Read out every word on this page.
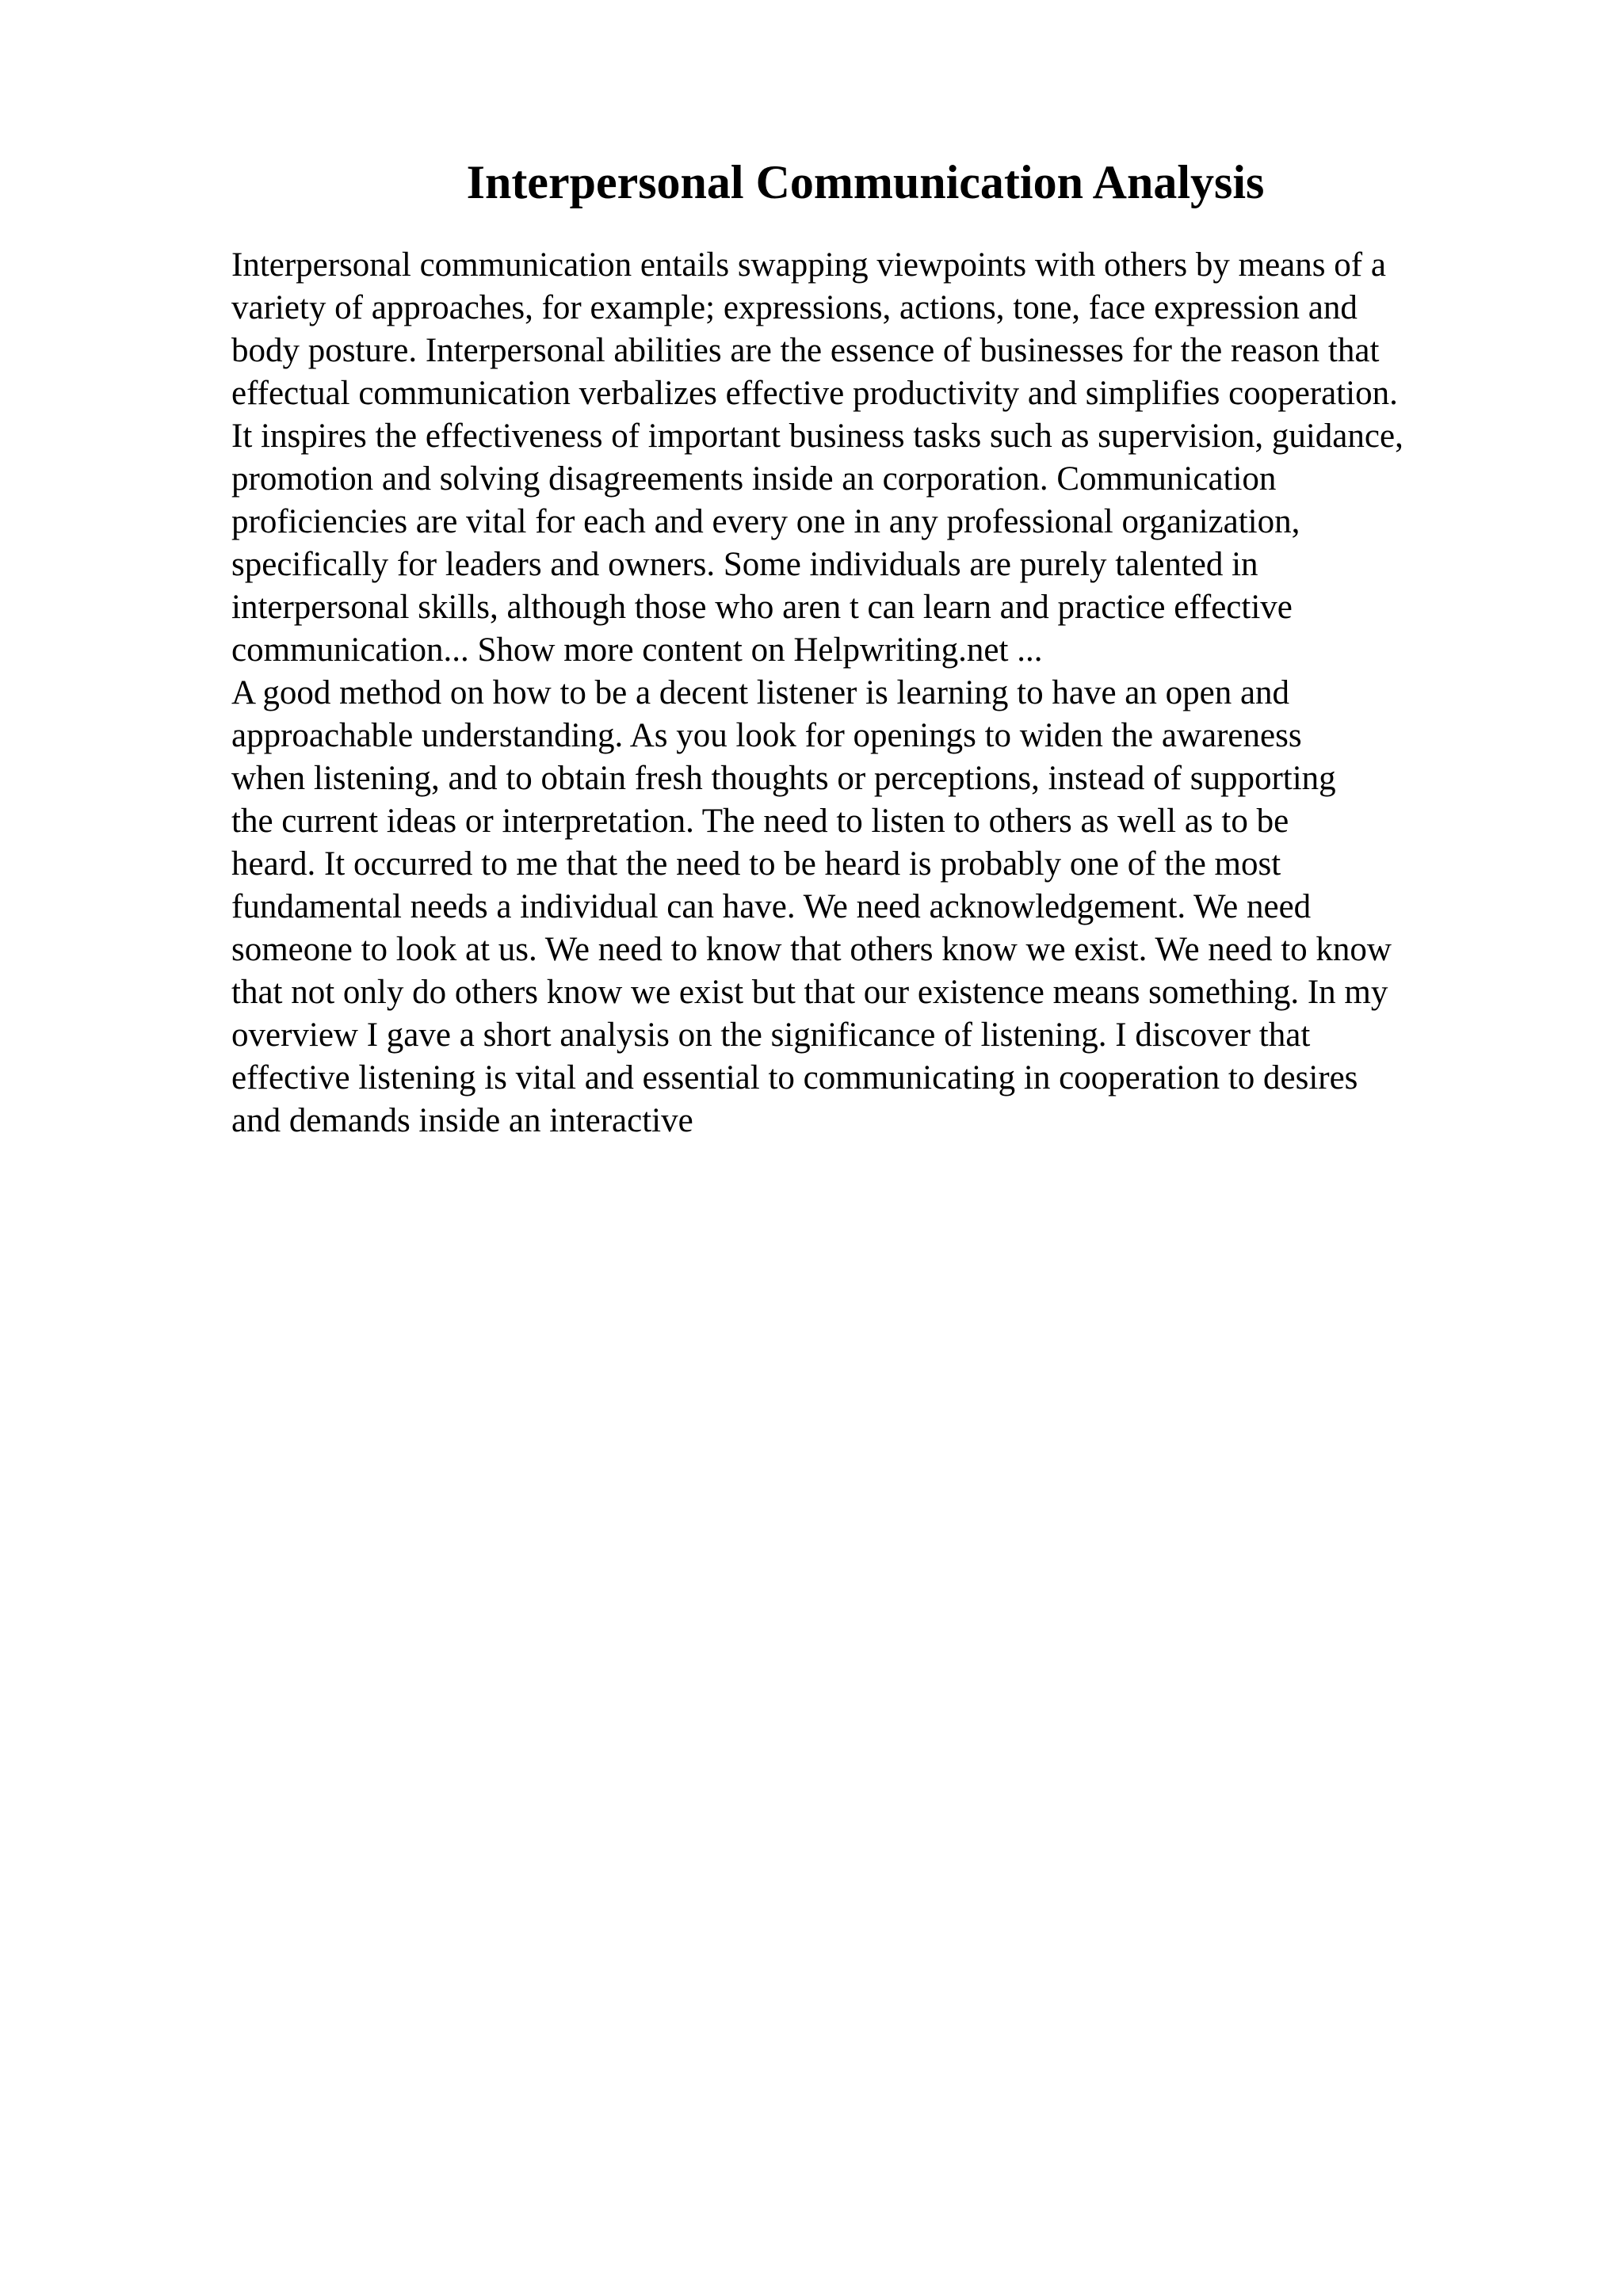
Interpersonal Communication Analysis
Interpersonal communication entails swapping viewpoints with others by means of a
variety of approaches, for example; expressions, actions, tone, face expression and
body posture. Interpersonal abilities are the essence of businesses for the reason that
effectual communication verbalizes effective productivity and simplifies cooperation.
It inspires the effectiveness of important business tasks such as supervision, guidance,
promotion and solving disagreements inside an corporation. Communication
proficiencies are vital for each and every one in any professional organization,
specifically for leaders and owners. Some individuals are purely talented in
interpersonal skills, although those who aren t can learn and practice effective
communication... Show more content on Helpwriting.net ...
A good method on how to be a decent listener is learning to have an open and
approachable understanding. As you look for openings to widen the awareness
when listening, and to obtain fresh thoughts or perceptions, instead of supporting
the current ideas or interpretation. The need to listen to others as well as to be
heard. It occurred to me that the need to be heard is probably one of the most
fundamental needs a individual can have. We need acknowledgement. We need
someone to look at us. We need to know that others know we exist. We need to know
that not only do others know we exist but that our existence means something. In my
overview I gave a short analysis on the significance of listening. I discover that
effective listening is vital and essential to communicating in cooperation to desires
and demands inside an interactive
